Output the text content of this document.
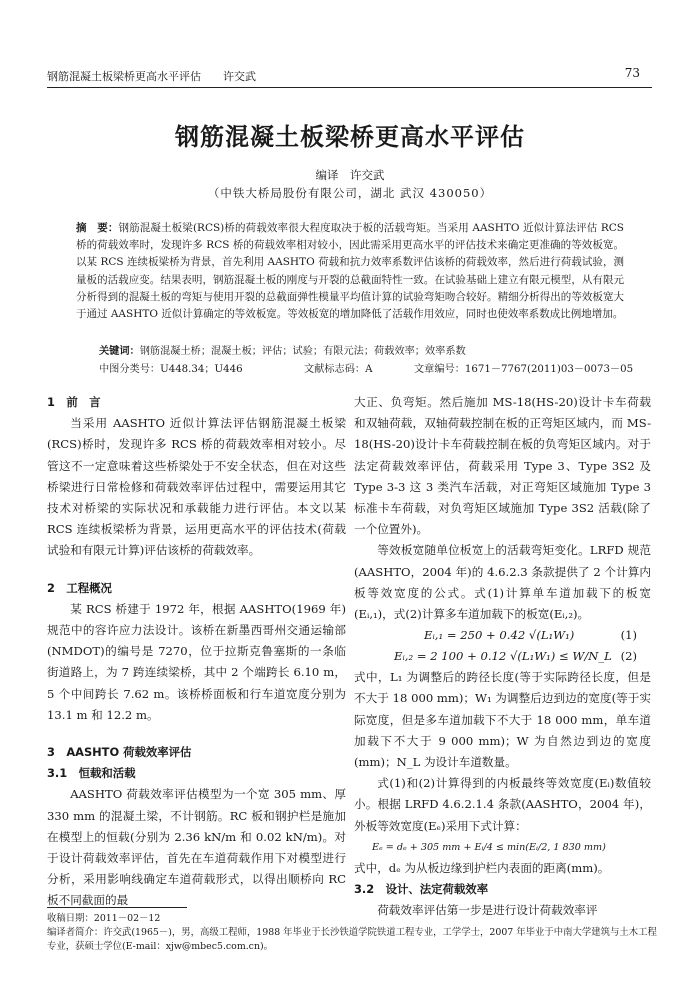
钢筋混凝土板梁桥更高水平评估　　许交武	73
钢筋混凝土板梁桥更高水平评估
编译　许交武
（中铁大桥局股份有限公司，湖北 武汉 430050）
摘　要：钢筋混凝土板梁(RCS)桥的荷载效率很大程度取决于板的活载弯矩。当采用 AASHTO 近似计算法评估 RCS 桥的荷载效率时，发现许多 RCS 桥的荷载效率相对较小，因此需采用更高水平的评估技术来确定更准确的等效板宽。以某 RCS 连续板梁桥为背景，首先利用 AASHTO 荷载和抗力效率系数评估该桥的荷载效率，然后进行荷载试验，测量板的活载应变。结果表明，钢筋混凝土板的刚度与开裂的总截面特性一致。在试验基础上建立有限元模型，从有限元分析得到的混凝土板的弯矩与使用开裂的总截面弹性模量平均值计算的试验弯矩吻合较好。精细分析得出的等效板宽大于通过 AASHTO 近似计算确定的等效板宽。等效板宽的增加降低了活载作用效应，同时也使效率系数成比例地增加。
关键词：钢筋混凝土桥；混凝土板；评估；试验；有限元法；荷载效率；效率系数
中图分类号：U448.34；U446	文献标志码：A	文章编号：1671－7767(2011)03－0073－05

1　前　言

当采用 AASHTO 近似计算法评估钢筋混凝土板梁(RCS)桥时，发现许多 RCS 桥的荷载效率相对较小。尽管这不一定意味着这些桥梁处于不安全状态，但在对这些桥梁进行日常检修和荷载效率评估过程中，需要运用其它技术对桥梁的实际状况和承载能力进行评估。本文以某 RCS 连续板梁桥为背景，运用更高水平的评估技术(荷载试验和有限元计算)评估该桥的荷载效率。

2　工程概况

某 RCS 桥建于 1972 年，根据 AASHTO(1969 年)规范中的容许应力法设计。该桥在新墨西哥州交通运输部(NMDOT)的编号是 7270，位于拉斯克鲁塞斯的一条临街道路上，为 7 跨连续梁桥，其中 2 个端跨长 6.10 m，5 个中间跨长 7.62 m。该桥桥面板和行车道宽度分别为 13.1 m 和 12.2 m。

3　AASHTO 荷载效率评估

3.1　恒载和活载

AASHTO 荷载效率评估模型为一个宽 305 mm、厚 330 mm 的混凝土梁，不计钢筋。RC 板和钢护栏是施加在模型上的恒载(分别为 2.36 kN/m 和 0.02 kN/m)。对于设计荷载效率评估，首先在车道荷载作用下对模型进行分析，采用影响线确定车道荷载形式，以得出顺桥向 RC 板不同截面的最

大正、负弯矩。然后施加 MS-18(HS-20)设计卡车荷载和双轴荷载，双轴荷载控制在板的正弯矩区域内，而 MS-18(HS-20)设计卡车荷载控制在板的负弯矩区域内。对于法定荷载效率评估，荷载采用 Type 3、Type 3S2 及 Type 3-3 这 3 类汽车活载，对正弯矩区域施加 Type 3 标准卡车荷载，对负弯矩区域施加 Type 3S2 活载(除了一个位置外)。

等效板宽随单位板宽上的活载弯矩变化。LRFD 规范(AASHTO，2004 年)的 4.6.2.3 条款提供了 2 个计算内板等效宽度的公式。式(1)计算单车道加载下的板宽(Eᵢ,₁)，式(2)计算多车道加载下的板宽(Eᵢ,₂)。

Eᵢ,₁ = 250 + 0.42 √(L₁W₁)	(1)
Eᵢ,₂ = 2 100 + 0.12 √(L₁W₁) ≤ W/N_L (2)

式中，L₁ 为调整后的跨径长度(等于实际跨径长度，但是不大于 18 000 mm)；W₁ 为调整后边到边的宽度(等于实际宽度，但是多车道加载下不大于 18 000 mm，单车道加载下不大于 9 000 mm)；W 为自然边到边的宽度(mm)；N_L 为设计车道数量。

式(1)和(2)计算得到的内板最终等效宽度(Eᵢ)数值较小。根据 LRFD 4.6.2.1.4 条款(AASHTO，2004 年)，外板等效宽度(Eₑ)采用下式计算：

Eₑ = dₑ + 305 mm + Eᵢ/4 ≤ min(Eᵢ/2, 1 830 mm)

式中，dₑ 为从板边缘到护栏内表面的距离(mm)。

3.2　设计、法定荷载效率

荷载效率评估第一步是进行设计荷载效率评

收稿日期：2011－02－12
编译者简介：许交武(1965－)，男，高级工程师，1988 年毕业于长沙铁道学院铁道工程专业，工学学士，2007 年毕业于中南大学建筑与土木工程专业，获硕士学位(E-mail：xjw@mbec5.com.cn)。
